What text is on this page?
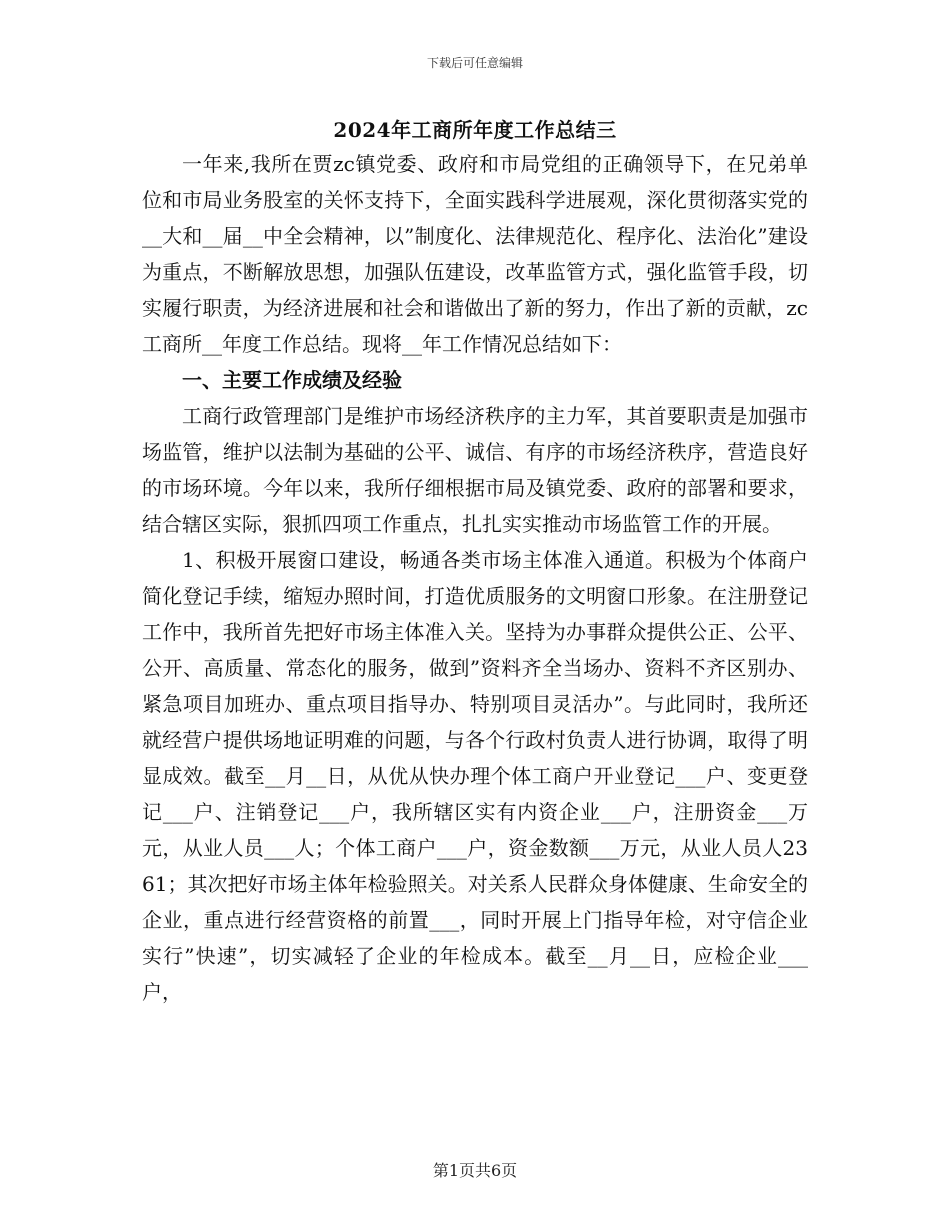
下载后可任意编辑
2024年工商所年度工作总结三

一年来,我所在贾zc镇党委、政府和市局党组的正确领导下，在兄弟单位和市局业务股室的关怀支持下，全面实践科学进展观，深化贯彻落实党的__大和__届__中全会精神，以”制度化、法律规范化、程序化、法治化”建设为重点，不断解放思想，加强队伍建设，改革监管方式，强化监管手段，切实履行职责，为经济进展和社会和谐做出了新的努力，作出了新的贡献，zc工商所__年度工作总结。现将__年工作情况总结如下：

一、主要工作成绩及经验

工商行政管理部门是维护市场经济秩序的主力军，其首要职责是加强市场监管，维护以法制为基础的公平、诚信、有序的市场经济秩序，营造良好的市场环境。今年以来，我所仔细根据市局及镇党委、政府的部署和要求，结合辖区实际，狠抓四项工作重点，扎扎实实推动市场监管工作的开展。

1、积极开展窗口建设，畅通各类市场主体准入通道。积极为个体商户简化登记手续，缩短办照时间，打造优质服务的文明窗口形象。在注册登记工作中，我所首先把好市场主体准入关。坚持为办事群众提供公正、公平、公开、高质量、常态化的服务，做到”资料齐全当场办、资料不齐区别办、紧急项目加班办、重点项目指导办、特别项目灵活办”。与此同时，我所还就经营户提供场地证明难的问题，与各个行政村负责人进行协调，取得了明显成效。截至__月__日，从优从快办理个体工商户开业登记___户、变更登记___户、注销登记___户，我所辖区实有内资企业___户，注册资金___万元，从业人员___人；个体工商户___户，资金数额___万元，从业人员人2361；其次把好市场主体年检验照关。对关系人民群众身体健康、生命安全的企业，重点进行经营资格的前置___，同时开展上门指导年检，对守信企业实行”快速”，切实减轻了企业的年检成本。截至__月__日，应检企业___户，

第1页共6页
